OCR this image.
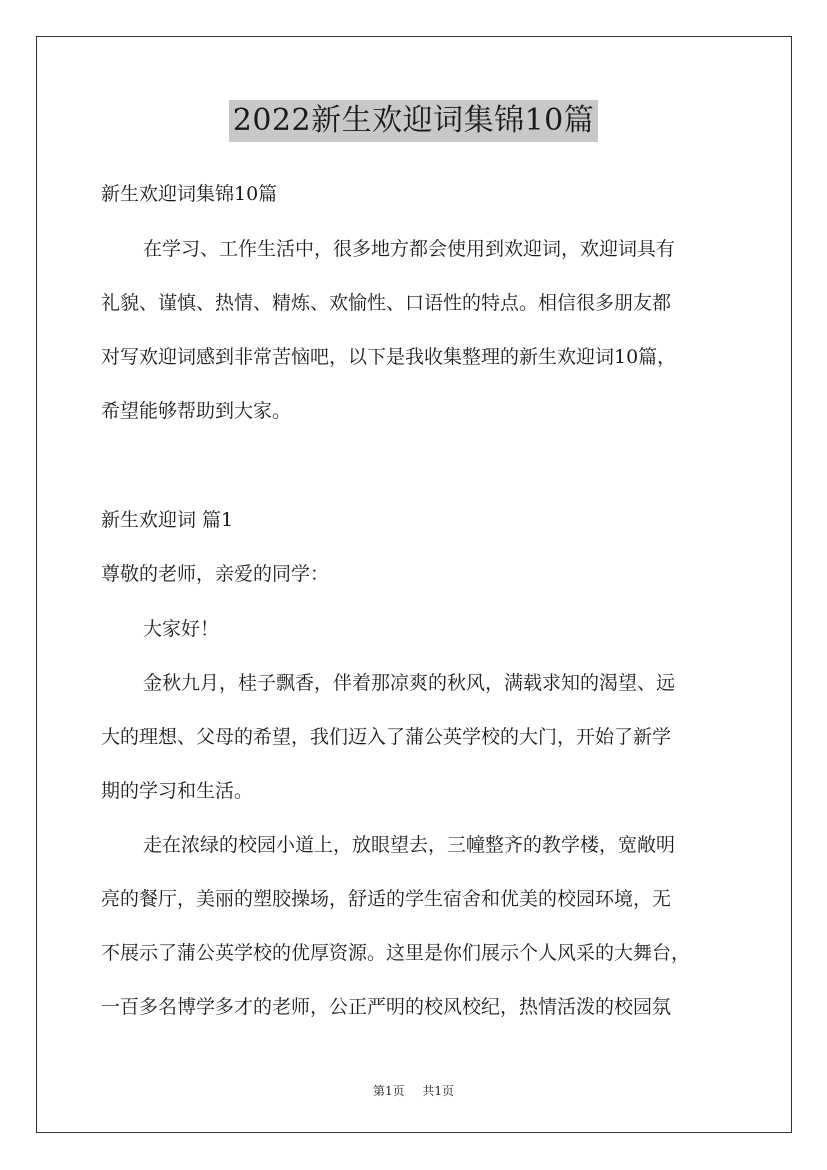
2022新生欢迎词集锦10篇
新生欢迎词集锦10篇
在学习、工作生活中，很多地方都会使用到欢迎词，欢迎词具有
礼貌、谨慎、热情、精炼、欢愉性、口语性的特点。相信很多朋友都
对写欢迎词感到非常苦恼吧，以下是我收集整理的新生欢迎词10篇，
希望能够帮助到大家。
新生欢迎词 篇1
尊敬的老师，亲爱的同学：
大家好！
金秋九月，桂子飘香，伴着那凉爽的秋风，满载求知的渴望、远
大的理想、父母的希望，我们迈入了蒲公英学校的大门，开始了新学
期的学习和生活。
走在浓绿的校园小道上，放眼望去，三幢整齐的教学楼，宽敞明
亮的餐厅，美丽的塑胶操场，舒适的学生宿舍和优美的校园环境，无
不展示了蒲公英学校的优厚资源。这里是你们展示个人风采的大舞台，
一百多名博学多才的老师，公正严明的校风校纪，热情活泼的校园氛
第1页 共1页
